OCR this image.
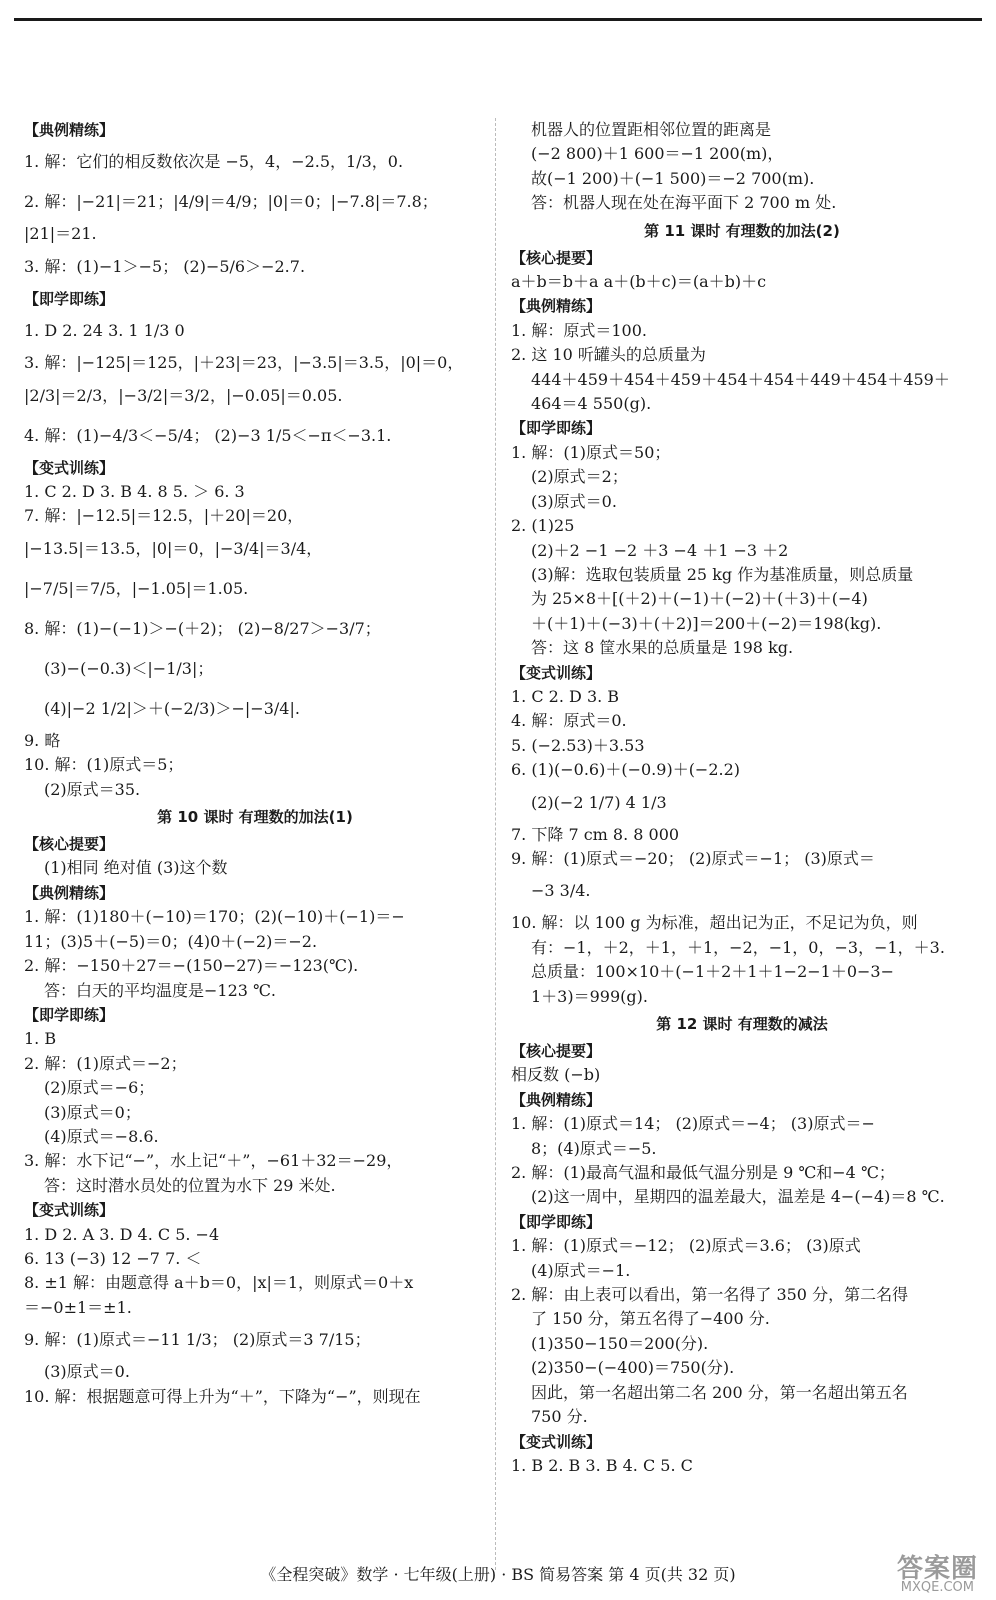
【典例精练】
1. 解：它们的相反数依次是 −5，4，−2.5，1/3，0.
2. 解：|−21|＝21；|4/9|＝4/9；|0|＝0；|−7.8|＝7.8；
|21|＝21.
3. 解：(1)−1＞−5； (2)−5/6＞−2.7.
【即学即练】
1. D 2. 24 3. 1 1/3 0
3. 解：|−125|＝125，|＋23|＝23，|−3.5|＝3.5，|0|＝0，
|2/3|＝2/3，|−3/2|＝3/2，|−0.05|＝0.05.
4. 解：(1)−4/3＜−5/4； (2)−3 1/5＜−π＜−3.1.
【变式训练】
1. C 2. D 3. B 4. 8 5. ＞ 6. 3
7. 解：|−12.5|＝12.5，|＋20|＝20，
|−13.5|＝13.5，|0|＝0，|−3/4|＝3/4，
|−7/5|＝7/5，|−1.05|＝1.05.
8. 解：(1)−(−1)＞−(＋2)； (2)−8/27＞−3/7；
(3)−(−0.3)＜|−1/3|；
(4)|−2 1/2|＞＋(−2/3)＞−|−3/4|.
9. 略
10. 解：(1)原式＝5；
(2)原式＝35.
第 10 课时 有理数的加法(1)
【核心提要】
(1)相同 绝对值 (3)这个数
【典例精练】
1. 解：(1)180＋(−10)＝170；(2)(−10)＋(−1)＝−
11；(3)5＋(−5)＝0；(4)0＋(−2)＝−2.
2. 解：−150＋27＝−(150−27)＝−123(℃).
答：白天的平均温度是−123 ℃.
【即学即练】
1. B
2. 解：(1)原式＝−2；
(2)原式＝−6；
(3)原式＝0；
(4)原式＝−8.6.
3. 解：水下记“−”，水上记“＋”，−61＋32＝−29，
答：这时潜水员处的位置为水下 29 米处.
【变式训练】
1. D 2. A 3. D 4. C 5. −4
6. 13 (−3) 12 −7 7. ＜
8. ±1 解：由题意得 a＋b＝0，|x|＝1，则原式＝0＋x
＝−0±1＝±1.
9. 解：(1)原式＝−11 1/3； (2)原式＝3 7/15；
(3)原式＝0.
10. 解：根据题意可得上升为“＋”，下降为“−”，则现在
机器人的位置距相邻位置的距离是
(−2 800)＋1 600＝−1 200(m)，
故(−1 200)＋(−1 500)＝−2 700(m).
答：机器人现在处在海平面下 2 700 m 处.
第 11 课时 有理数的加法(2)
【核心提要】
a＋b＝b＋a a＋(b＋c)＝(a＋b)＋c
【典例精练】
1. 解：原式＝100.
2. 这 10 听罐头的总质量为
444＋459＋454＋459＋454＋454＋449＋454＋459＋
464＝4 550(g).
【即学即练】
1. 解：(1)原式＝50；
(2)原式＝2；
(3)原式＝0.
2. (1)25
(2)＋2 −1 −2 ＋3 −4 ＋1 −3 ＋2
(3)解：选取包装质量 25 kg 作为基准质量，则总质量
为 25×8＋[(＋2)＋(−1)＋(−2)＋(＋3)＋(−4)
＋(＋1)＋(−3)＋(＋2)]＝200＋(−2)＝198(kg).
答：这 8 筐水果的总质量是 198 kg.
【变式训练】
1. C 2. D 3. B
4. 解：原式＝0.
5. (−2.53)＋3.53
6. (1)(−0.6)＋(−0.9)＋(−2.2)
(2)(−2 1/7) 4 1/3
7. 下降 7 cm 8. 8 000
9. 解：(1)原式＝−20； (2)原式＝−1； (3)原式＝
−3 3/4.
10. 解：以 100 g 为标准，超出记为正，不足记为负，则
有：−1，＋2，＋1，＋1，−2，−1，0，−3，−1，＋3.
总质量：100×10＋(−1＋2＋1＋1−2−1＋0−3−
1＋3)＝999(g).
第 12 课时 有理数的减法
【核心提要】
相反数 (−b)
【典例精练】
1. 解：(1)原式＝14； (2)原式＝−4； (3)原式＝−
8；(4)原式＝−5.
2. 解：(1)最高气温和最低气温分别是 9 ℃和−4 ℃；
(2)这一周中，星期四的温差最大，温差是 4−(−4)＝8 ℃.
【即学即练】
1. 解：(1)原式＝−12； (2)原式＝3.6； (3)原式
(4)原式＝−1.
2. 解：由上表可以看出，第一名得了 350 分，第二名得
了 150 分，第五名得了−400 分.
(1)350−150＝200(分).
(2)350−(−400)＝750(分).
因此，第一名超出第二名 200 分，第一名超出第五名
750 分.
【变式训练】
1. B 2. B 3. B 4. C 5. C
《全程突破》数学 · 七年级(上册) · BS 简易答案 第 4 页(共 32 页)	答案圈
MXQE.COM
